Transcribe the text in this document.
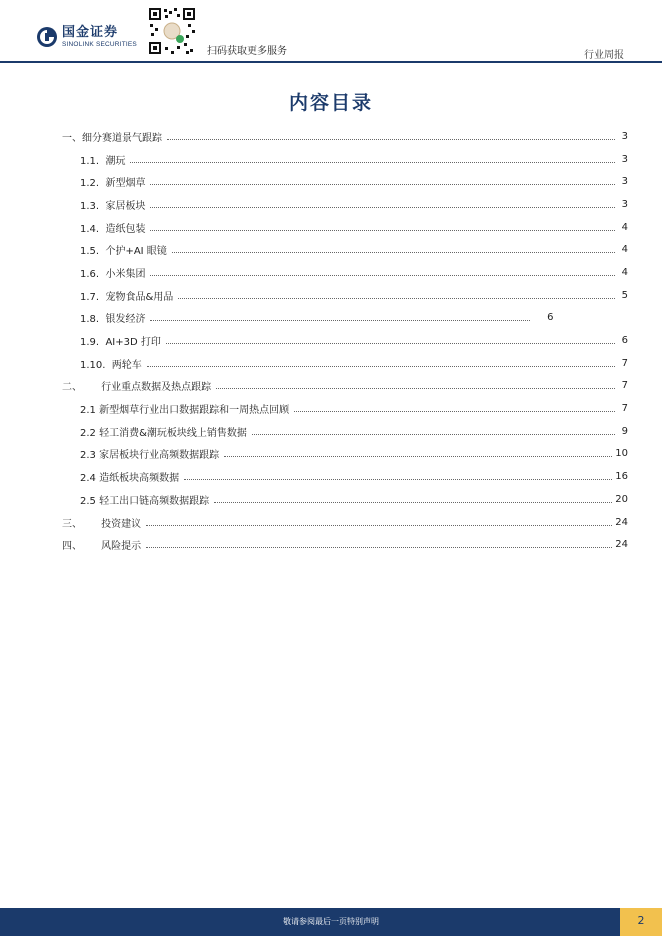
国金证券
SINOLINK SECURITIES
扫码获取更多服务	行业周报
内容目录
一、细分赛道景气跟踪	3
1.1.  潮玩	3
1.2.  新型烟草	3
1.3.  家居板块	3
1.4.  造纸包装	4
1.5.  个护+AI 眼镜	4
1.6.  小米集团	4
1.7.  宠物食品&用品	5
1.8.  银发经济	6
1.9.  AI+3D 打印	6
1.10.  两轮车	7
二、      行业重点数据及热点跟踪	7
2.1 新型烟草行业出口数据跟踪和一周热点回顾	7
2.2 轻工消费&潮玩板块线上销售数据	9
2.3 家居板块行业高频数据跟踪	10
2.4 造纸板块高频数据	16
2.5 轻工出口链高频数据跟踪	20
三、      投资建议	24
四、      风险提示	24
敬请参阅最后一页特别声明	2
